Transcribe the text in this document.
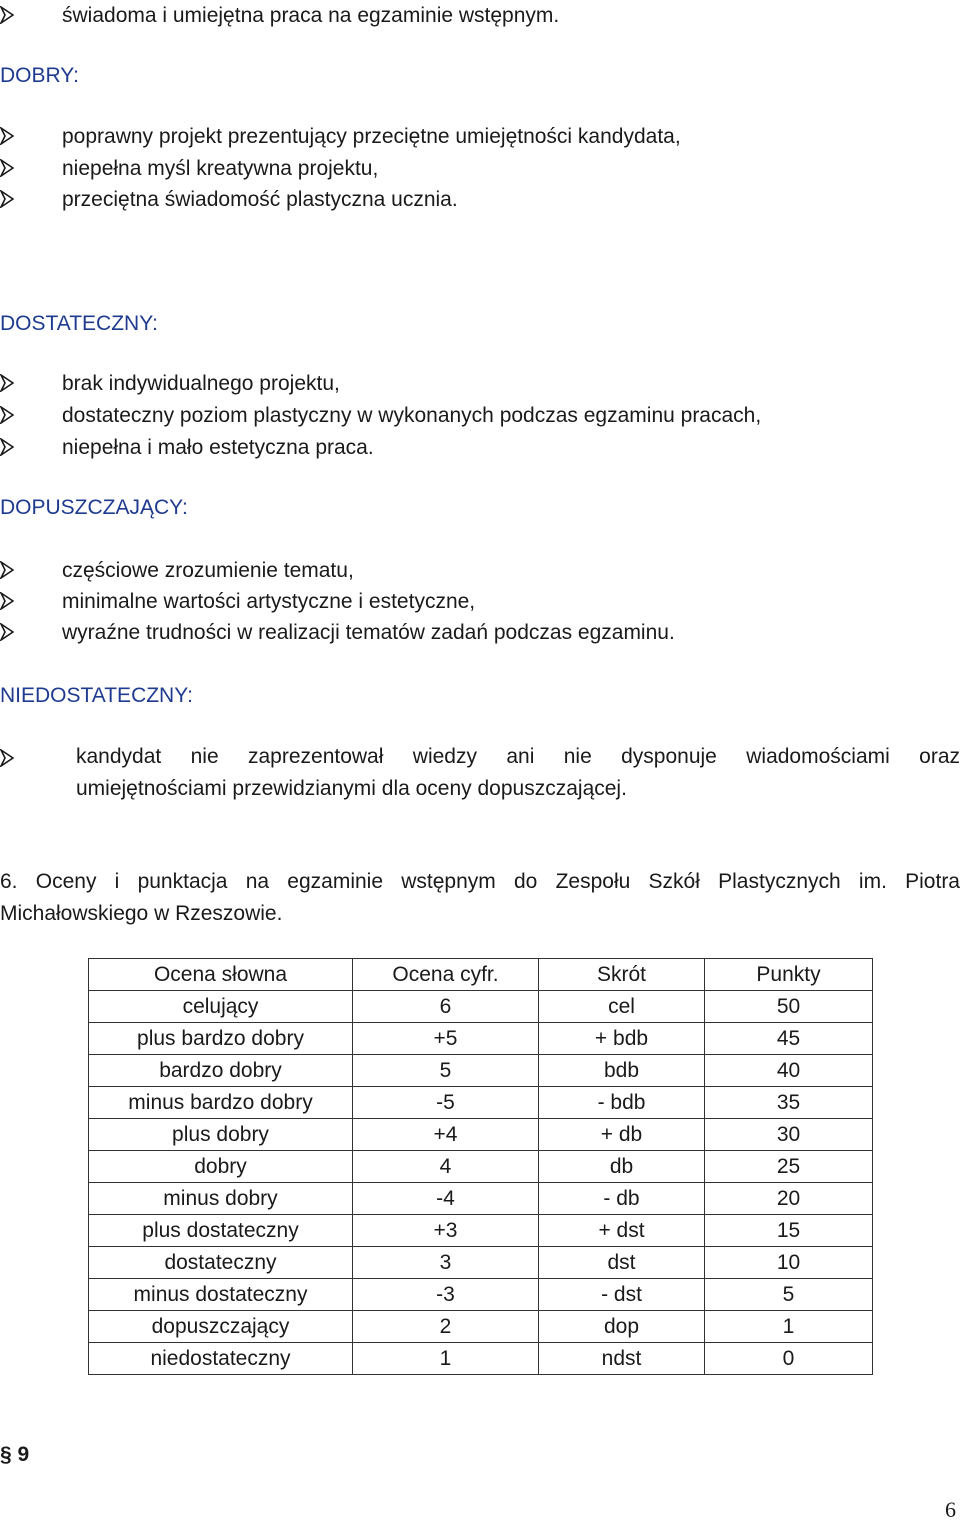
świadoma i umiejętna praca na egzaminie wstępnym.
DOBRY:
poprawny projekt prezentujący przeciętne umiejętności kandydata,
niepełna myśl kreatywna projektu,
przeciętna świadomość plastyczna ucznia.
DOSTATECZNY:
brak indywidualnego projektu,
dostateczny poziom plastyczny w wykonanych podczas egzaminu pracach,
niepełna i mało estetyczna praca.
DOPUSZCZAJĄCY:
częściowe zrozumienie tematu,
minimalne wartości artystyczne i estetyczne,
wyraźne trudności w realizacji tematów zadań podczas egzaminu.
NIEDOSTATECZNY:
kandydat nie zaprezentował wiedzy ani nie dysponuje wiadomościami oraz
umiejętnościami przewidzianymi dla oceny dopuszczającej.
6. Oceny i punktacja na egzaminie wstępnym do Zespołu Szkół Plastycznych im. Piotra
Michałowskiego w Rzeszowie.
Ocena słowna	Ocena cyfr.	Skrót	Punkty
celujący	6	cel	50
plus bardzo dobry	+5	+ bdb	45
bardzo dobry	5	bdb	40
minus bardzo dobry	-5	- bdb	35
plus dobry	+4	+ db	30
dobry	4	db	25
minus dobry	-4	- db	20
plus dostateczny	+3	+ dst	15
dostateczny	3	dst	10
minus dostateczny	-3	- dst	5
dopuszczający	2	dop	1
niedostateczny	1	ndst	0
§ 9
6
